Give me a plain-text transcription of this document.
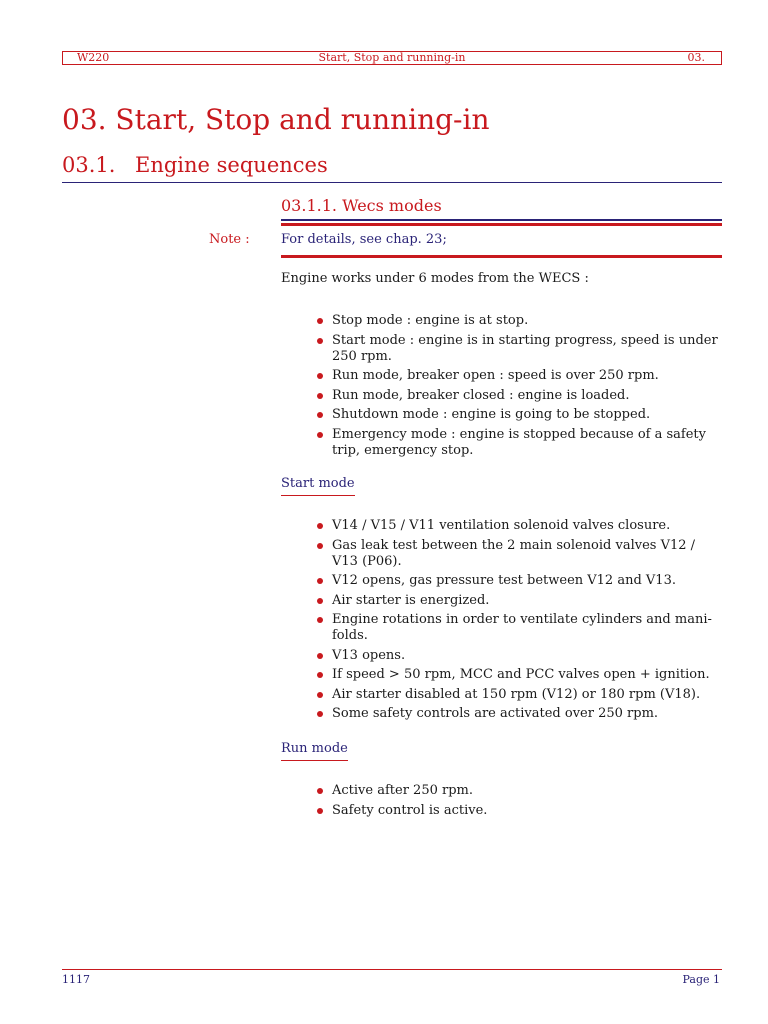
W220	Start, Stop and running-in	03.
03. Start, Stop and running-in
03.1. Engine sequences
03.1.1. Wecs modes
Note : For details, see chap. 23;
Engine works under 6 modes from the WECS :
Stop mode : engine is at stop.
Start mode : engine is in starting progress, speed is under 250 rpm.
Run mode, breaker open : speed is over 250 rpm.
Run mode, breaker closed : engine is loaded.
Shutdown mode : engine is going to be stopped.
Emergency mode : engine is stopped because of a safety trip, emergency stop.
Start mode
V14 / V15 / V11 ventilation solenoid valves closure.
Gas leak test between the 2 main solenoid valves V12 / V13 (P06).
V12 opens, gas pressure test between V12 and V13.
Air starter is energized.
Engine rotations in order to ventilate cylinders and mani-folds.
V13 opens.
If speed > 50 rpm, MCC and PCC valves open + ignition.
Air starter disabled at 150 rpm (V12) or 180 rpm (V18).
Some safety controls are activated over 250 rpm.
Run mode
Active after 250 rpm.
Safety control is active.
1117	Page 1
